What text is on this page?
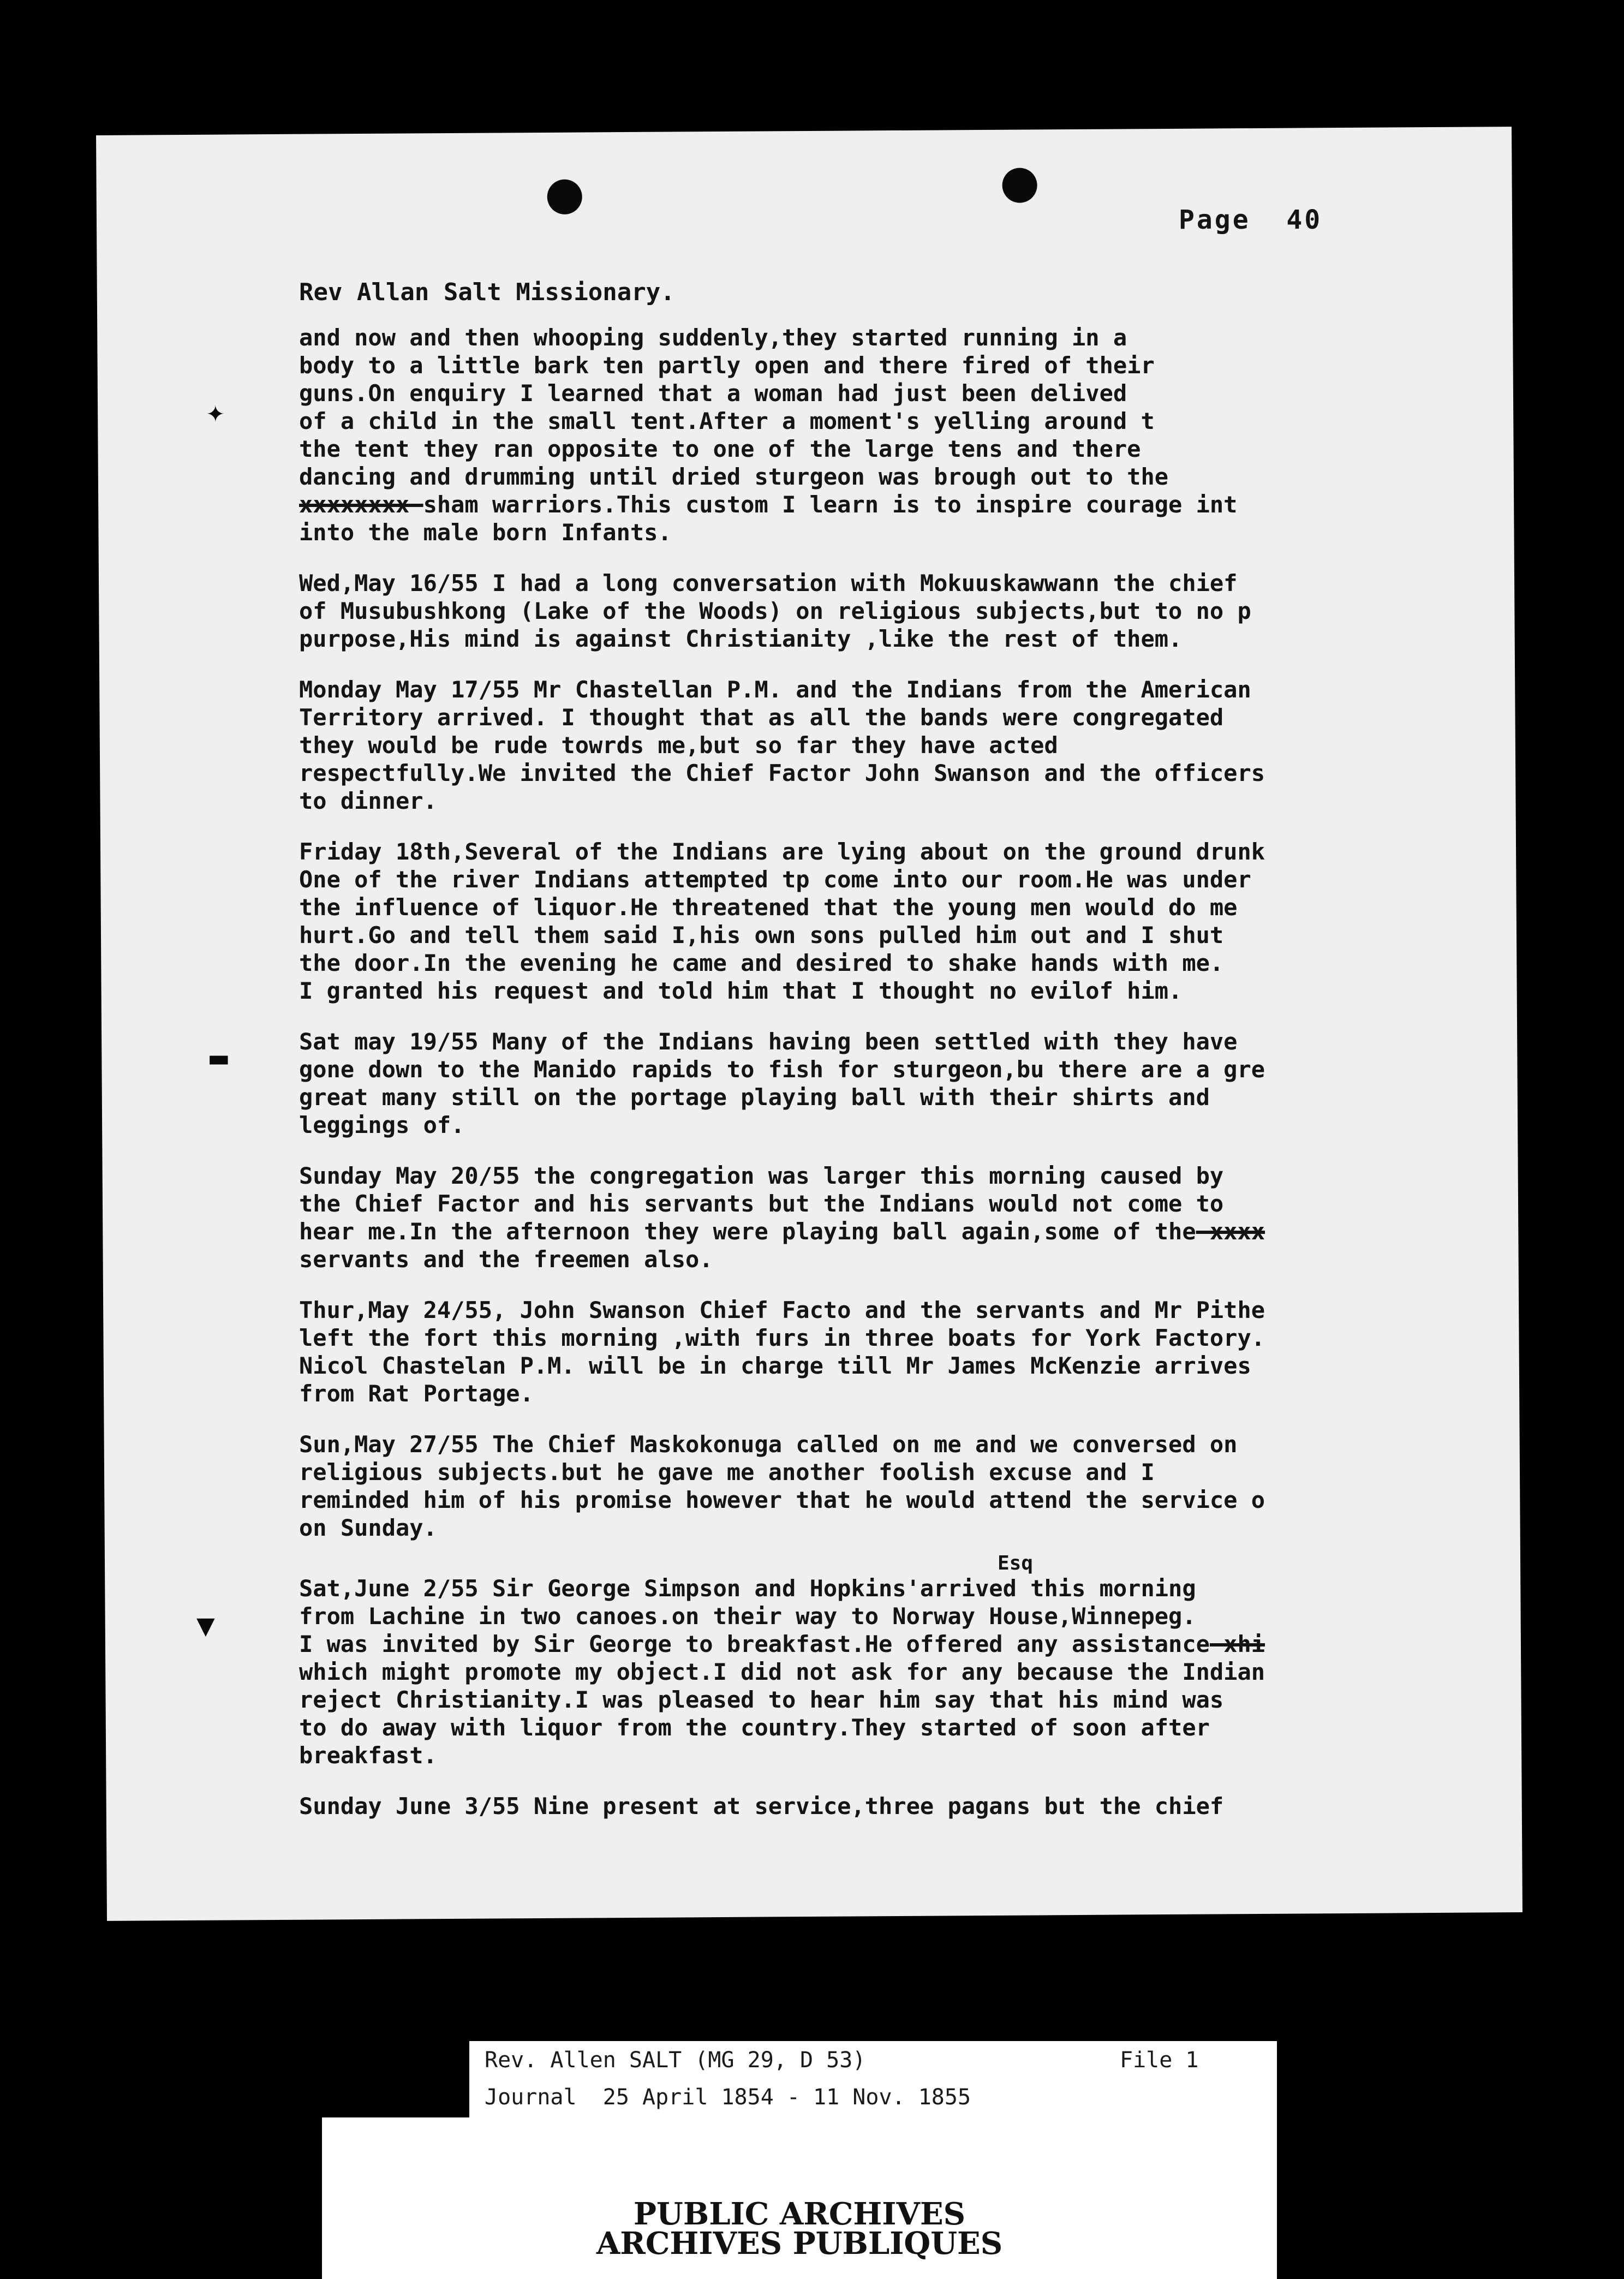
Page  40
✦
▬
▼
Rev Allan Salt Missionary.
and now and then whooping suddenly,they started running in a
body to a little bark ten partly open and there fired of their
guns.On enquiry I learned that a woman had just been delived
of a child in the small tent.After a moment's yelling around t
the tent they ran opposite to one of the large tens and there
dancing and drumming until dried sturgeon was brough out to the
xxxxxxxx sham warriors.This custom I learn is to inspire courage int
into the male born Infants.
Wed,May 16/55 I had a long conversation with Mokuuskawwann the chief
of Musubushkong (Lake of the Woods) on religious subjects,but to no p
purpose,His mind is against Christianity ,like the rest of them.
Monday May 17/55 Mr Chastellan P.M. and the Indians from the American
Territory arrived. I thought that as all the bands were congregated
they would be rude towrds me,but so far they have acted
respectfully.We invited the Chief Factor John Swanson and the officers
to dinner.
Friday 18th,Several of the Indians are lying about on the ground drunk
One of the river Indians attempted tp come into our room.He was under
the influence of liquor.He threatened that the young men would do me
hurt.Go and tell them said I,his own sons pulled him out and I shut
the door.In the evening he came and desired to shake hands with me.
I granted his request and told him that I thought no evilof him.
Sat may 19/55 Many of the Indians having been settled with they have
gone down to the Manido rapids to fish for sturgeon,bu there are a gre
great many still on the portage playing ball with their shirts and
leggings of.
Sunday May 20/55 the congregation was larger this morning caused by
the Chief Factor and his servants but the Indians would not come to
hear me.In the afternoon they were playing ball again,some of the xxxx
servants and the freemen also.
Thur,May 24/55, John Swanson Chief Facto and the servants and Mr Pithe
left the fort this morning ,with furs in three boats for York Factory.
Nicol Chastelan P.M. will be in charge till Mr James McKenzie arrives
from Rat Portage.
Sun,May 27/55 The Chief Maskokonuga called on me and we conversed on
religious subjects.but he gave me another foolish excuse and I
reminded him of his promise however that he would attend the service o
on Sunday.
Esq
Sat,June 2/55 Sir George Simpson and Hopkins'arrived this morning
from Lachine in two canoes.on their way to Norway House,Winnepeg.
I was invited by Sir George to breakfast.He offered any assistance xhi
which might promote my object.I did not ask for any because the Indian
reject Christianity.I was pleased to hear him say that his mind was
to do away with liquor from the country.They started of soon after
breakfast.
Sunday June 3/55 Nine present at service,three pagans but the chief
Rev. Allen SALT (MG 29, D 53)	File 1
Journal  25 April 1854 - 11 Nov. 1855
PUBLIC ARCHIVES
ARCHIVES PUBLIQUES
